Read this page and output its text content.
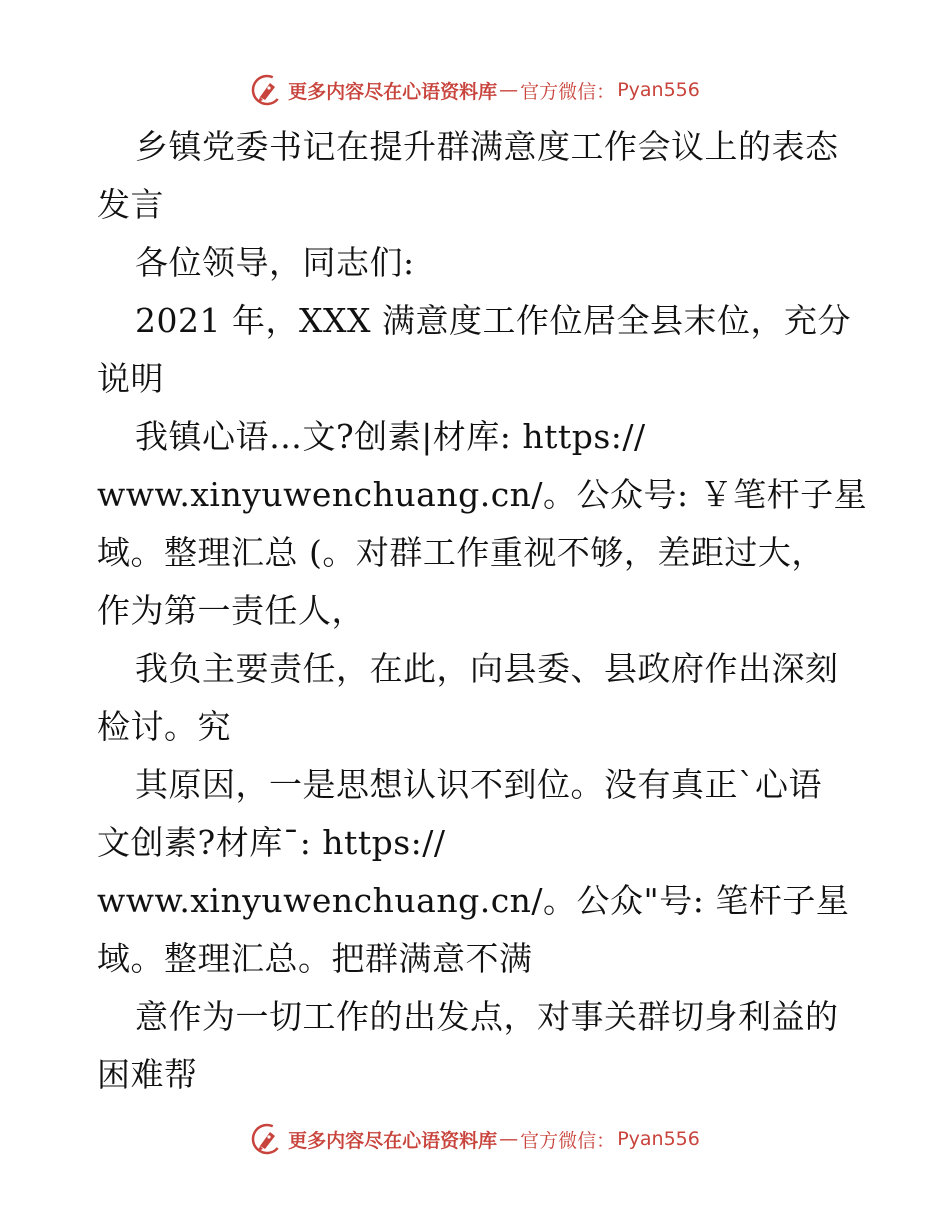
更多内容尽在心语资料库 — 官方微信： Pyan556
乡镇党委书记在提升群满意度工作会议上的表态
发言
各位领导，同志们:
2021 年，XXX 满意度工作位居全县末位，充分
说明
我镇心语…文?创素|材库: https://
www.xinyuwenchuang.cn/。公众号: ￥笔杆子星
域。整理汇总 (。对群工作重视不够，差距过大，
作为第一责任人，
我负主要责任，在此，向县委、县政府作出深刻
检讨。究
其原因，一是思想认识不到位。没有真正`心语
文创素?材库¯: https://
www.xinyuwenchuang.cn/。公众"号: 笔杆子星
域。整理汇总。把群满意不满
意作为一切工作的出发点，对事关群切身利益的
困难帮
更多内容尽在心语资料库 — 官方微信： Pyan556
